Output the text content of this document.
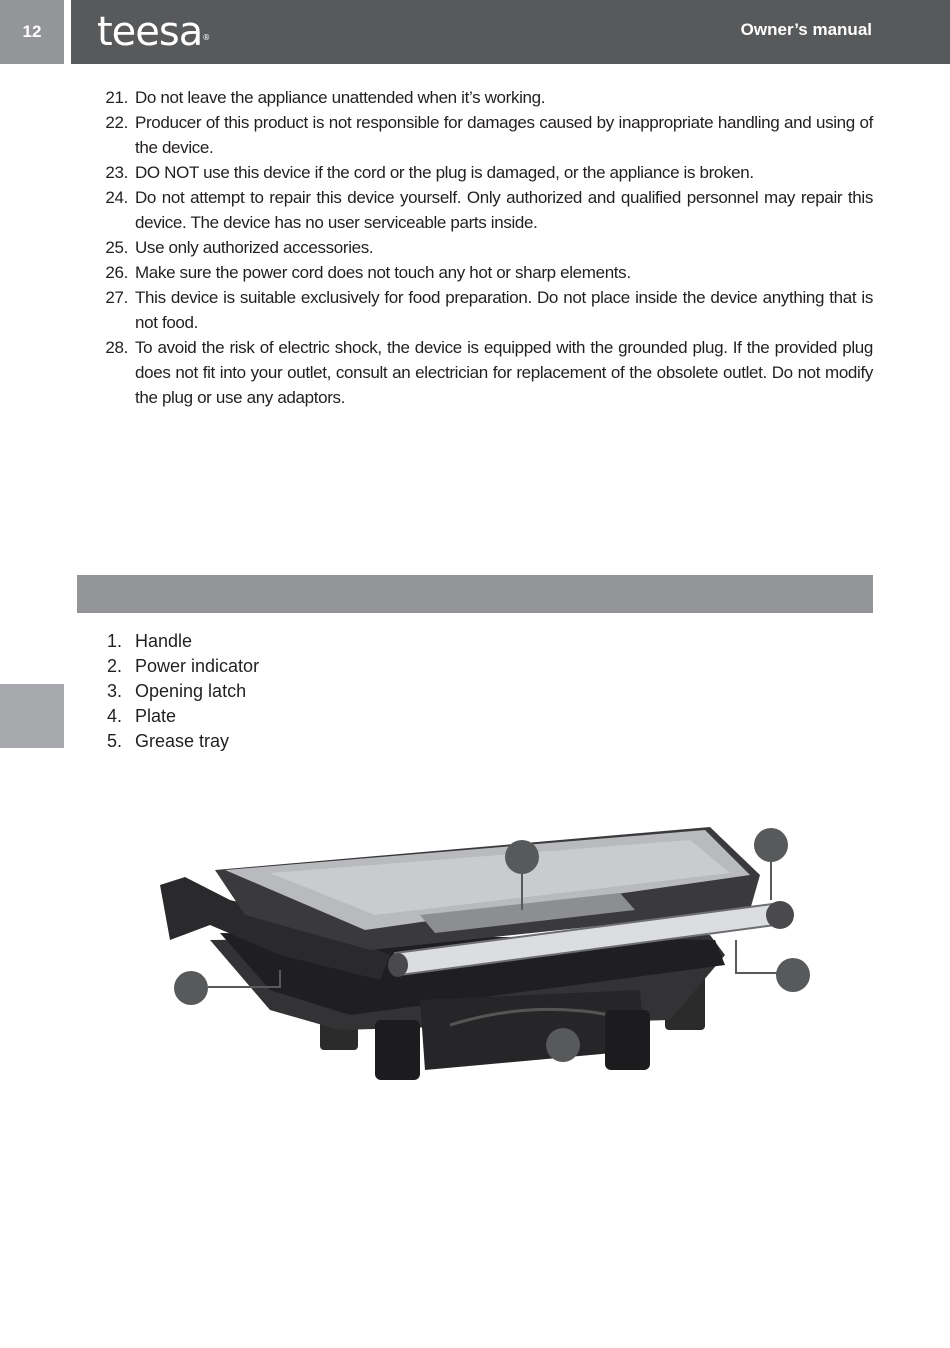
12	teesa®	Owner’s manual
21. Do not leave the appliance unattended when it’s working.
22. Producer of this product is not responsible for damages caused by inappropriate handling and using of the device.
23. DO NOT use this device if the cord or the plug is damaged, or the appliance is broken.
24. Do not attempt to repair this device yourself. Only authorized and qualified personnel may repair this device. The device has no user serviceable parts inside.
25. Use only authorized accessories.
26. Make sure the power cord does not touch any hot or sharp elements.
27. This device is suitable exclusively for food preparation. Do not place inside the device anything that is not food.
28. To avoid the risk of electric shock, the device is equipped with the grounded plug. If the provided plug does not fit into your outlet, consult an electrician for replacement of the obsolete outlet. Do not modify the plug or use any adaptors.
1. Handle
2. Power indicator
3. Opening latch
4. Plate
5. Grease tray
